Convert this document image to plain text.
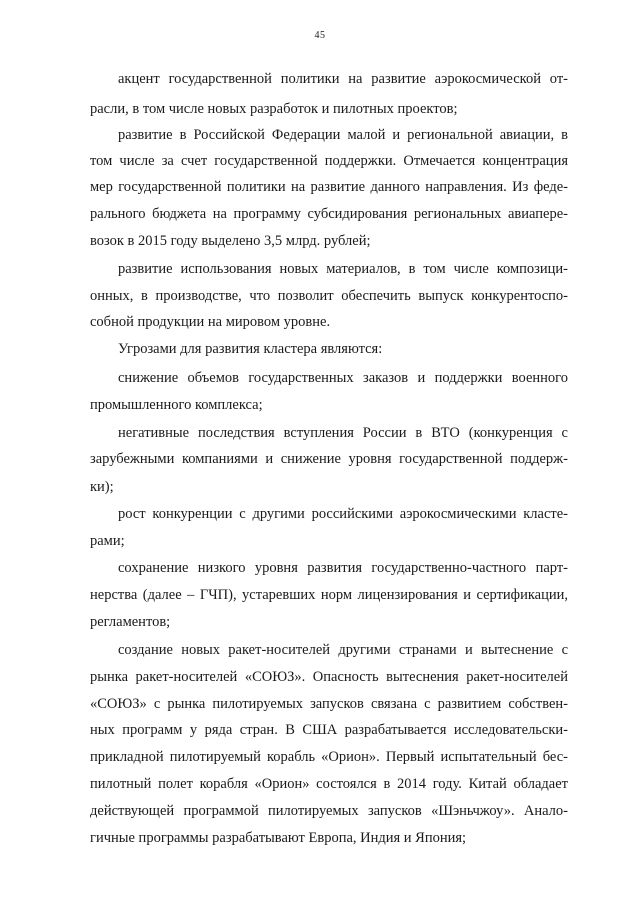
45
акцент государственной политики на развитие аэрокосмической от-
расли, в том числе новых разработок и пилотных проектов;
развитие в Российской Федерации малой и региональной авиации, в
том числе за счет государственной поддержки. Отмечается концентрация
мер государственной политики на развитие данного направления. Из феде-
рального бюджета на программу субсидирования региональных авиапере-
возок в 2015 году выделено 3,5 млрд. рублей;
развитие использования новых материалов, в том числе композици-
онных, в производстве, что позволит обеспечить выпуск конкурентоспо-
собной продукции на мировом уровне.
Угрозами для развития кластера являются:
снижение объемов государственных заказов и поддержки военного
промышленного комплекса;
негативные последствия вступления России в ВТО (конкуренция с
зарубежными компаниями и снижение уровня государственной поддерж-
ки);
рост конкуренции с другими российскими аэрокосмическими класте-
рами;
сохранение низкого уровня развития государственно-частного парт-
нерства (далее – ГЧП), устаревших норм лицензирования и сертификации,
регламентов;
создание новых ракет-носителей другими странами и вытеснение с
рынка ракет-носителей «СОЮЗ». Опасность вытеснения ракет-носителей
«СОЮЗ» с рынка пилотируемых запусков связана с развитием собствен-
ных программ у ряда стран. В США разрабатывается исследовательски-
прикладной пилотируемый корабль «Орион». Первый испытательный бес-
пилотный полет корабля «Орион» состоялся в 2014 году. Китай обладает
действующей программой пилотируемых запусков «Шэньчжоу». Анало-
гичные программы разрабатывают Европа, Индия и Япония;
